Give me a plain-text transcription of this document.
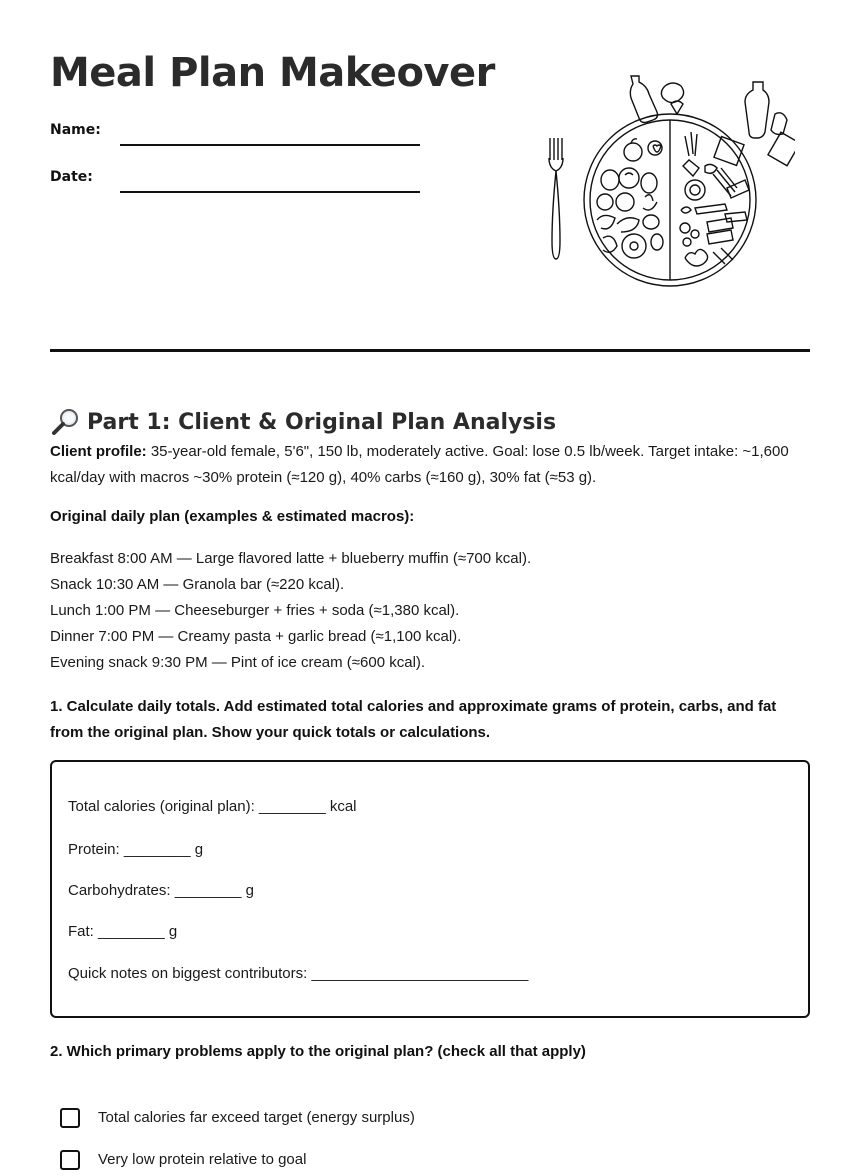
Meal Plan Makeover
Name:
Date:
Part 1: Client & Original Plan Analysis

Client profile: 35-year-old female, 5'6", 150 lb, moderately active. Goal: lose 0.5 lb/week. Target intake: ~1,600 kcal/day with macros ~30% protein (≈120 g), 40% carbs (≈160 g), 30% fat (≈53 g).

Original daily plan (examples & estimated macros):
Breakfast 8:00 AM — Large flavored latte + blueberry muffin (≈700 kcal).
Snack 10:30 AM — Granola bar (≈220 kcal).
Lunch 1:00 PM — Cheeseburger + fries + soda (≈1,380 kcal).
Dinner 7:00 PM — Creamy pasta + garlic bread (≈1,100 kcal).
Evening snack 9:30 PM — Pint of ice cream (≈600 kcal).
1. Calculate daily totals. Add estimated total calories and approximate grams of protein, carbs, and fat from the original plan. Show your quick totals or calculations.
Total calories (original plan): ________ kcal
Protein: ________ g
Carbohydrates: ________ g
Fat: ________ g
Quick notes on biggest contributors: __________________________
2. Which primary problems apply to the original plan? (check all that apply)
Total calories far exceed target (energy surplus)
Very low protein relative to goal
